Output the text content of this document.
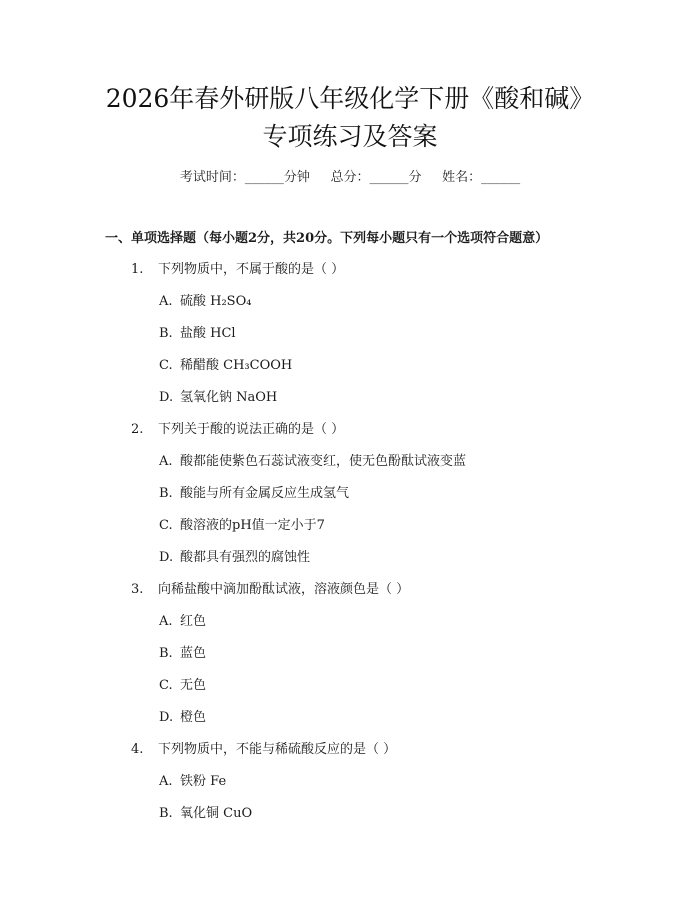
2026年春外研版八年级化学下册《酸和碱》
专项练习及答案
考试时间：______分钟     总分：______分     姓名：______
一、单项选择题（每小题2分，共20分。下列每小题只有一个选项符合题意）
1. 下列物质中，不属于酸的是（ ）
A. 硫酸 H₂SO₄
B. 盐酸 HCl
C. 稀醋酸 CH₃COOH
D. 氢氧化钠 NaOH
2. 下列关于酸的说法正确的是（ ）
A. 酸都能使紫色石蕊试液变红，使无色酚酞试液变蓝
B. 酸能与所有金属反应生成氢气
C. 酸溶液的pH值一定小于7
D. 酸都具有强烈的腐蚀性
3. 向稀盐酸中滴加酚酞试液，溶液颜色是（ ）
A. 红色
B. 蓝色
C. 无色
D. 橙色
4. 下列物质中，不能与稀硫酸反应的是（ ）
A. 铁粉 Fe
B. 氧化铜 CuO
